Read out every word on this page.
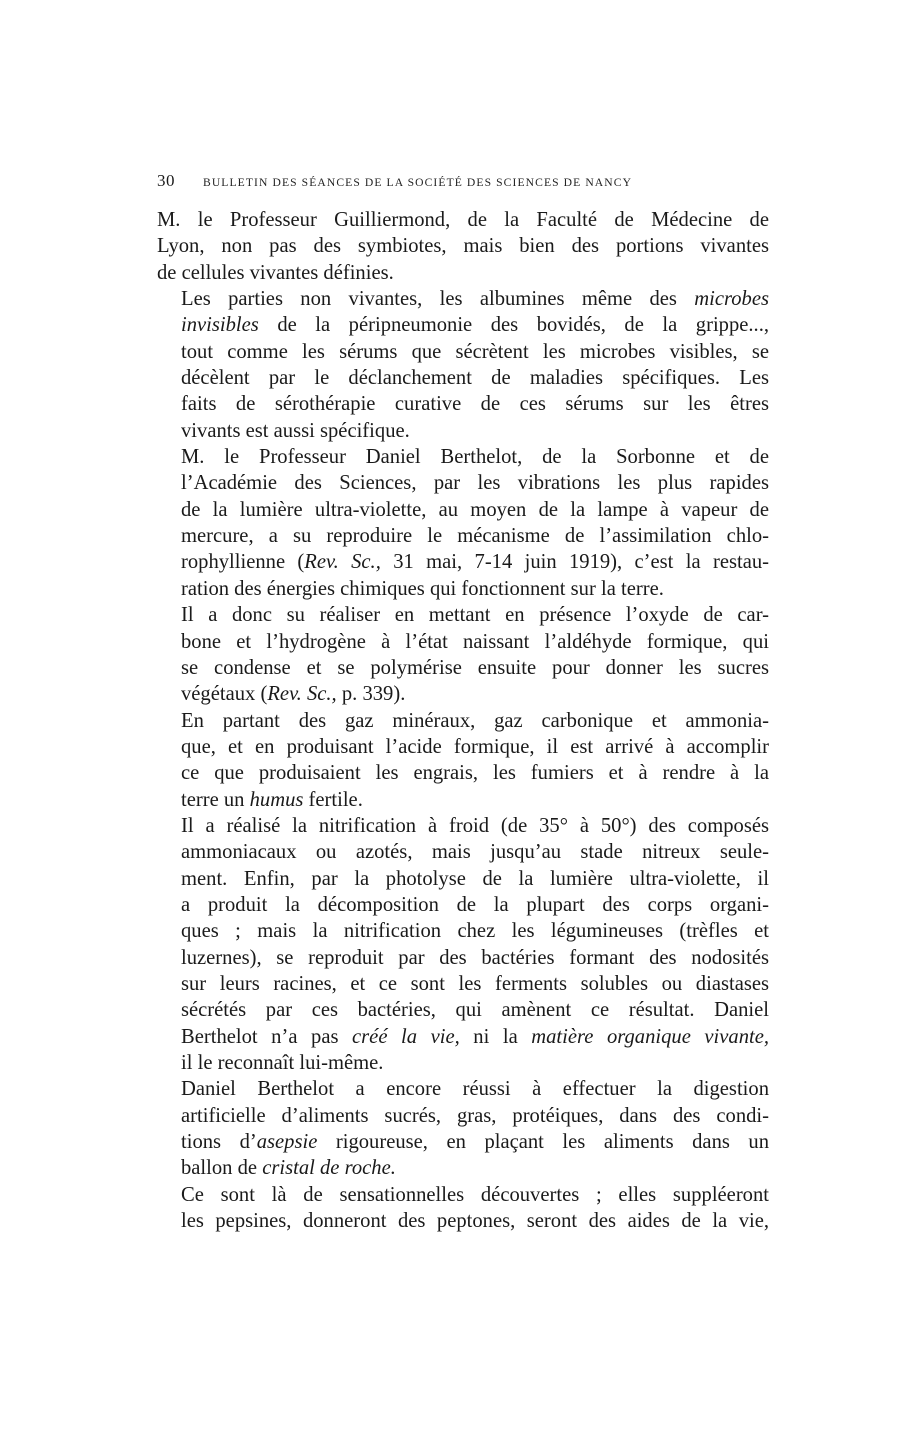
30 BULLETIN DES SÉANCES DE LA SOCIÉTÉ DES SCIENCES DE NANCY

M. le Professeur Guilliermond, de la Faculté de Médecine de
Lyon, non pas des symbiotes, mais bien des portions vivantes
de cellules vivantes définies.

Les parties non vivantes, les albumines même des microbes
invisibles de la péripneumonie des bovidés, de la grippe...,
tout comme les sérums que sécrètent les microbes visibles, se
décèlent par le déclanchement de maladies spécifiques. Les
faits de sérothérapie curative de ces sérums sur les êtres
vivants est aussi spécifique.

M. le Professeur Daniel Berthelot, de la Sorbonne et de
l’Académie des Sciences, par les vibrations les plus rapides
de la lumière ultra-violette, au moyen de la lampe à vapeur de
mercure, a su reproduire le mécanisme de l’assimilation chlo-
rophyllienne (Rev. Sc., 31 mai, 7-14 juin 1919), c’est la restau-
ration des énergies chimiques qui fonctionnent sur la terre.

Il a donc su réaliser en mettant en présence l’oxyde de car-
bone et l’hydrogène à l’état naissant l’aldéhyde formique, qui
se condense et se polymérise ensuite pour donner les sucres
végétaux (Rev. Sc., p. 339).

En partant des gaz minéraux, gaz carbonique et ammonia-
que, et en produisant l’acide formique, il est arrivé à accomplir
ce que produisaient les engrais, les fumiers et à rendre à la
terre un humus fertile.

Il a réalisé la nitrification à froid (de 35° à 50°) des composés
ammoniacaux ou azotés, mais jusqu’au stade nitreux seule-
ment. Enfin, par la photolyse de la lumière ultra-violette, il
a produit la décomposition de la plupart des corps organi-
ques ; mais la nitrification chez les légumineuses (trèfles et
luzernes), se reproduit par des bactéries formant des nodosités
sur leurs racines, et ce sont les ferments solubles ou diastases
sécrétés par ces bactéries, qui amènent ce résultat. Daniel
Berthelot n’a pas créé la vie, ni la matière organique vivante,
il le reconnaît lui-même.

Daniel Berthelot a encore réussi à effectuer la digestion
artificielle d’aliments sucrés, gras, protéiques, dans des condi-
tions d’asepsie rigoureuse, en plaçant les aliments dans un
ballon de cristal de roche.

Ce sont là de sensationnelles découvertes ; elles suppléeront
les pepsines, donneront des peptones, seront des aides de la vie,
